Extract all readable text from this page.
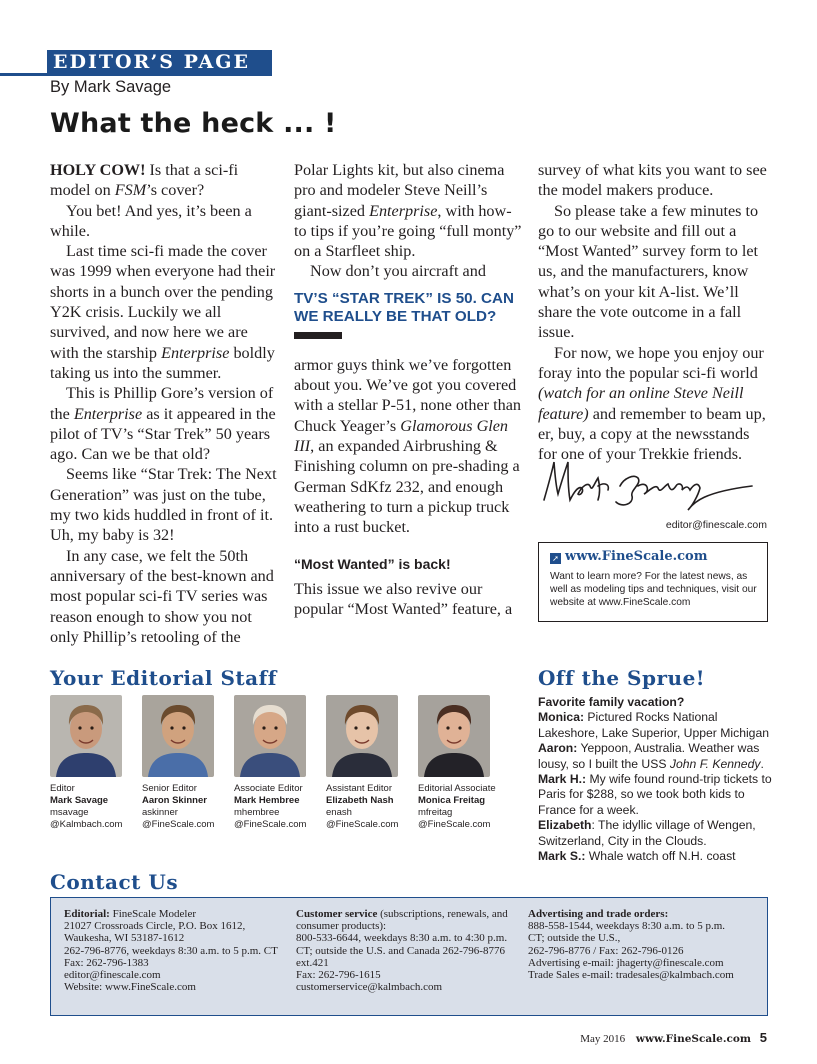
EDITOR’S PAGE
By Mark Savage
What the heck ... !

HOLY COW! Is that a sci-fi model on FSM’s cover?

You bet! And yes, it’s been a while.

Last time sci-fi made the cover was 1999 when everyone had their shorts in a bunch over the pending Y2K crisis. Luckily we all survived, and now here we are with the starship Enterprise boldly taking us into the summer.

This is Phillip Gore’s version of the Enterprise as it appeared in the pilot of TV’s “Star Trek” 50 years ago. Can we be that old?

Seems like “Star Trek: The Next Generation” was just on the tube, my two kids huddled in front of it. Uh, my baby is 32!

In any case, we felt the 50th anniversary of the best-known and most popular sci-fi TV series was reason enough to show you not only Phillip’s retooling of the

Polar Lights kit, but also cinema pro and modeler Steve Neill’s giant-sized Enterprise, with how-to tips if you’re going “full monty” on a Starfleet ship.

Now don’t you aircraft and

TV’S “STAR TREK” IS 50. CAN WE REALLY BE THAT OLD?

armor guys think we’ve forgotten about you. We’ve got you covered with a stellar P-51, none other than Chuck Yeager’s Glamorous Glen III, an expanded Airbrushing & Finishing column on pre-shading a German SdKfz 232, and enough weathering to turn a pickup truck into a rust bucket.

“Most Wanted” is back!

This issue we also revive our popular “Most Wanted” feature, a

survey of what kits you want to see the model makers produce.

So please take a few minutes to go to our website and fill out a “Most Wanted” survey form to let us, and the manufacturers, know what’s on your kit A-list. We’ll share the vote outcome in a fall issue.

For now, we hope you enjoy our foray into the popular sci-fi world (watch for an online Steve Neill feature) and remember to beam up, er, buy, a copy at the newsstands for one of your Trekkie friends.

editor@finescale.com
➚ www.FineScale.com
Want to learn more? For the latest news, as well as modeling tips and techniques, visit our website at www.FineScale.com
Your Editorial Staff
Editor
Mark Savage
msavage
@Kalmbach.com
Senior Editor
Aaron Skinner
askinner
@FineScale.com
Associate Editor
Mark Hembree
mhembree
@FineScale.com
Assistant Editor
Elizabeth Nash
enash
@FineScale.com
Editorial Associate
Monica Freitag
mfreitag
@FineScale.com
Off the Sprue!
Favorite family vacation?
Monica: Pictured Rocks National Lakeshore, Lake Superior, Upper Michigan
Aaron: Yeppoon, Australia. Weather was lousy, so I built the USS John F. Kennedy.
Mark H.: My wife found round-trip tickets to Paris for $288, so we took both kids to France for a week.
Elizabeth: The idyllic village of Wengen, Switzerland, City in the Clouds.
Mark S.: Whale watch off N.H. coast
Contact Us
Editorial: FineScale Modeler
21027 Crossroads Circle, P.O. Box 1612,
Waukesha, WI 53187-1612
262-796-8776, weekdays 8:30 a.m. to 5 p.m. CT
Fax: 262-796-1383
editor@finescale.com
Website: www.FineScale.com
Customer service (subscriptions, renewals, and
consumer products):
800-533-6644, weekdays 8:30 a.m. to 4:30 p.m.
CT; outside the U.S. and Canada 262-796-8776
ext.421
Fax: 262-796-1615
customerservice@kalmbach.com
Advertising and trade orders:
888-558-1544, weekdays 8:30 a.m. to 5 p.m.
CT; outside the U.S.,
262-796-8776 / Fax: 262-796-0126
Advertising e-mail: jhagerty@finescale.com
Trade Sales e-mail: tradesales@kalmbach.com
May 2016 www.FineScale.com 5
